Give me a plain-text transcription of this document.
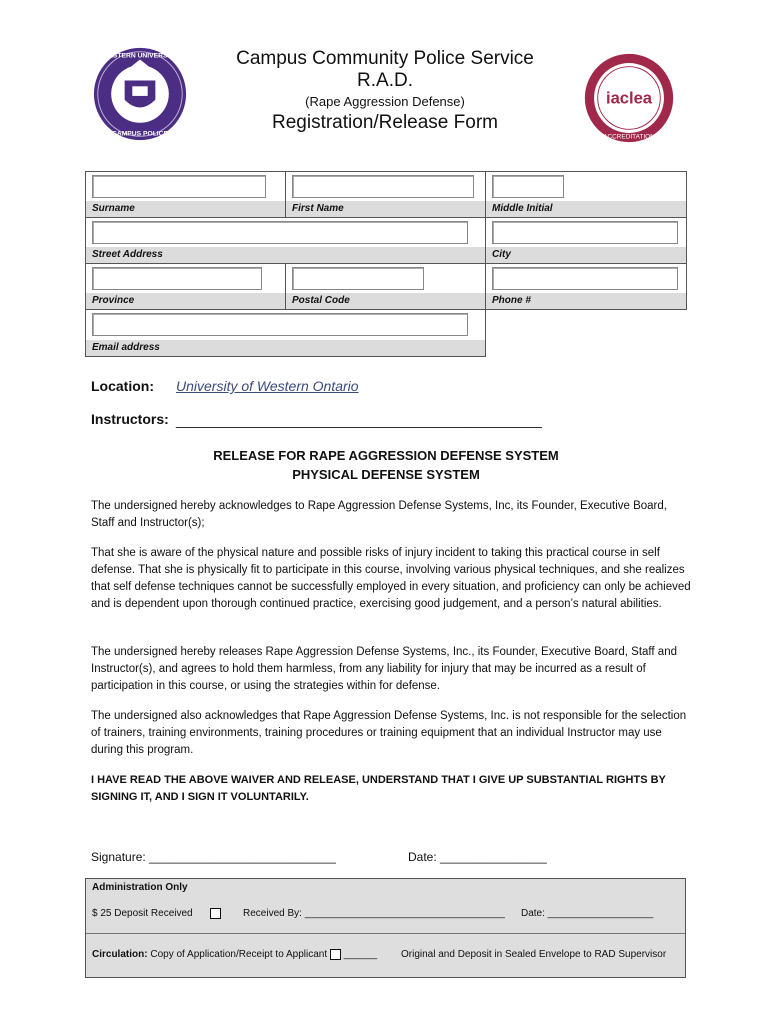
WESTERN UNIVERSITY
CAMPUS POLICE
Campus Community Police Service
R.A.D.
(Rape Aggression Defense)
Registration/Release Form
iaclea
ACCREDITATION
Surname	First Name	Middle Initial
Street Address	City
Province	Postal Code	Phone #
Email address
Location: University of Western Ontario
Instructors: _______________________________________________
RELEASE FOR RAPE AGGRESSION DEFENSE SYSTEM
PHYSICAL DEFENSE SYSTEM
The undersigned hereby acknowledges to Rape Aggression Defense Systems, Inc, its Founder, Executive Board, Staff and Instructor(s);
That she is aware of the physical nature and possible risks of injury incident to taking this practical course in self defense. That she is physically fit to participate in this course, involving various physical techniques, and she realizes that self defense techniques cannot be successfully employed in every situation, and proficiency can only be achieved and is dependent upon thorough continued practice, exercising good judgement, and a person’s natural abilities.
The undersigned hereby releases Rape Aggression Defense Systems, Inc., its Founder, Executive Board, Staff and Instructor(s), and agrees to hold them harmless, from any liability for injury that may be incurred as a result of participation in this course, or using the strategies within for defense.
The undersigned also acknowledges that Rape Aggression Defense Systems, Inc. is not responsible for the selection of trainers, training environments, training procedures or training equipment that an individual Instructor may use during this program.
I HAVE READ THE ABOVE WAIVER AND RELEASE, UNDERSTAND THAT I GIVE UP SUBSTANTIAL RIGHTS BY SIGNING IT, AND I SIGN IT VOLUNTARILY.
Signature: ____________________________	Date: ________________
Administration Only
$ 25 Deposit Received	Received By: ____________________________________ Date: ___________________
Circulation: Copy of Application/Receipt to Applicant ______ Original and Deposit in Sealed Envelope to RAD Supervisor
